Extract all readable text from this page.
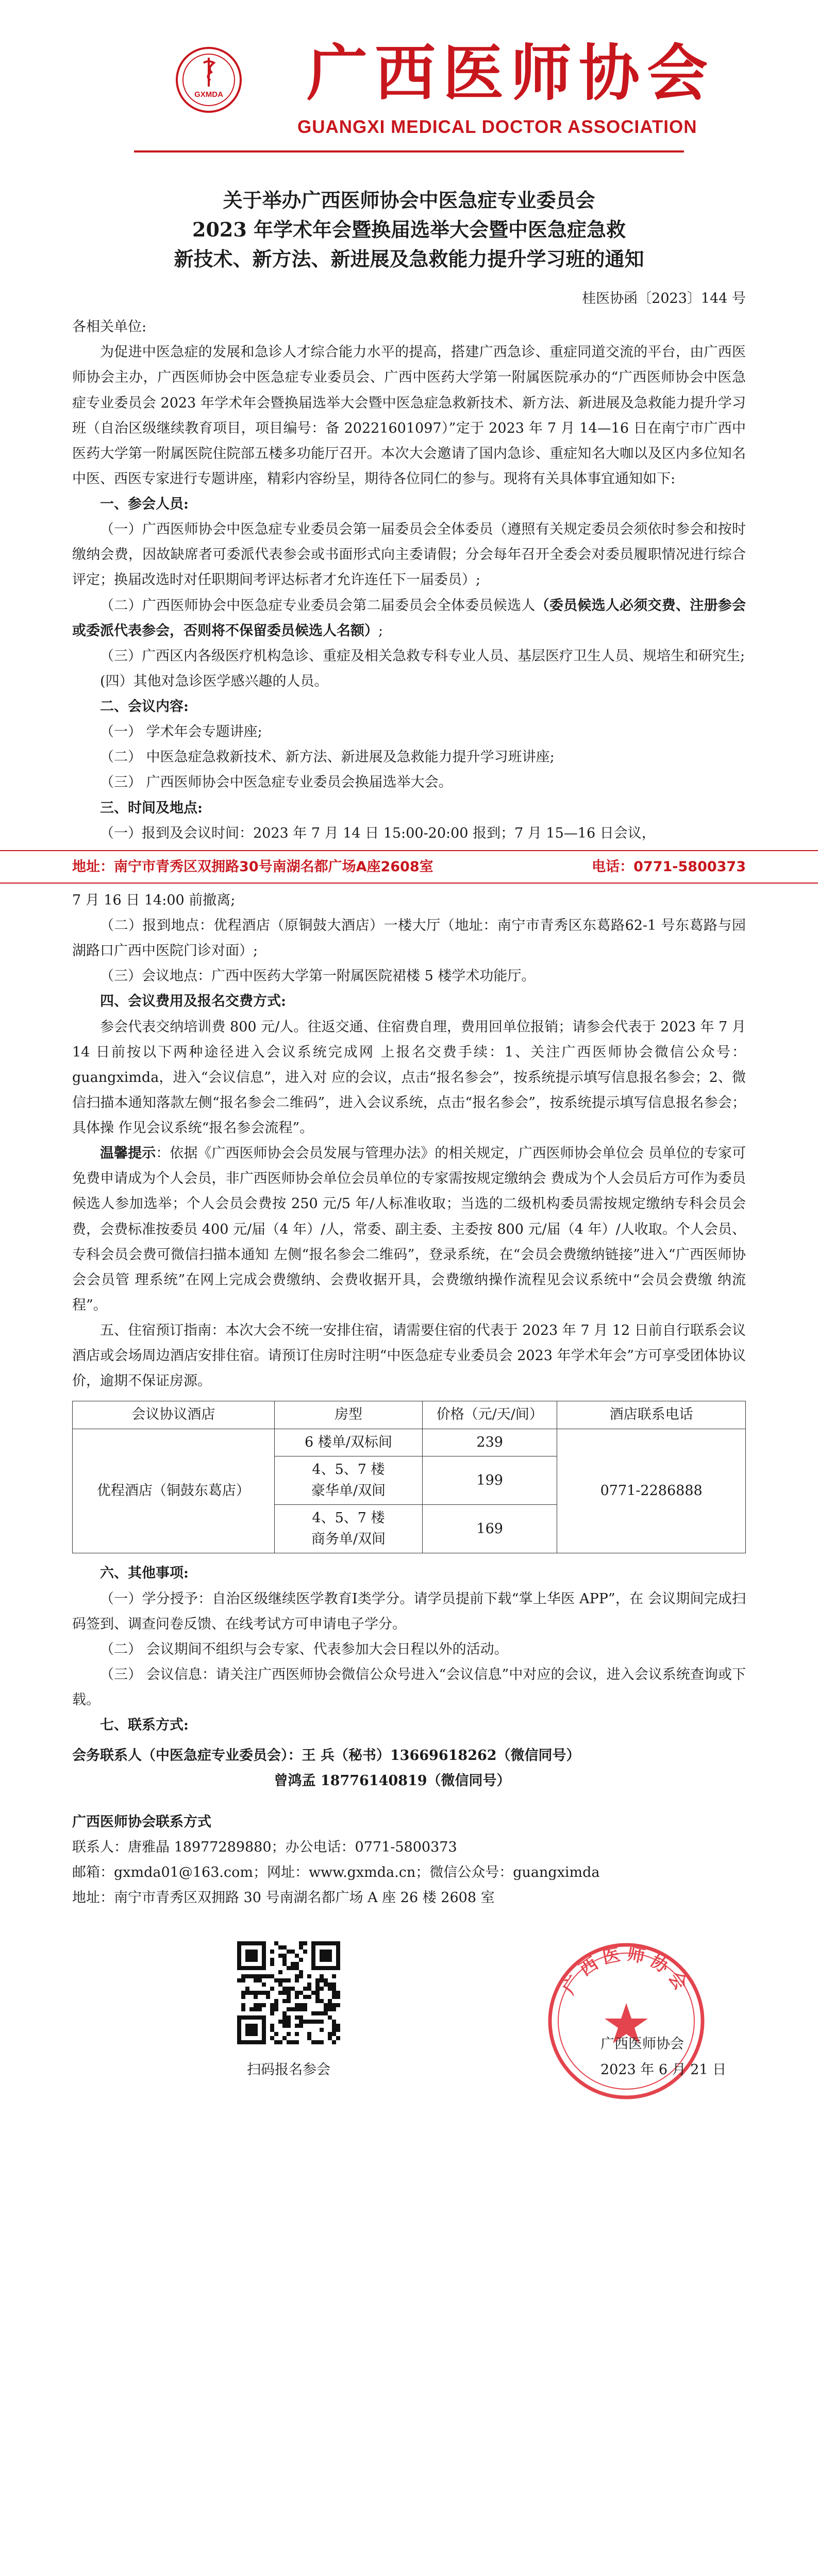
GXMDA 广西医师协会
GUANGXI MEDICAL DOCTOR ASSOCIATION
关于举办广西医师协会中医急症专业委员会
2023 年学术年会暨换届选举大会暨中医急症急救
新技术、新方法、新进展及急救能力提升学习班的通知
桂医协函〔2023〕144 号
各相关单位:

为促进中医急症的发展和急诊人才综合能力水平的提高，搭建广西急诊、重症同道交流的平台，由广西医师协会主办，广西医师协会中医急症专业委员会、广西中医药大学第一附属医院承办的“广西医师协会中医急症专业委员会 2023 年学术年会暨换届选举大会暨中医急症急救新技术、新方法、新进展及急救能力提升学习班（自治区级继续教育项目，项目编号：备 20221601097）”定于 2023 年 7 月 14—16 日在南宁市广西中医药大学第一附属医院住院部五楼多功能厅召开。本次大会邀请了国内急诊、重症知名大咖以及区内多位知名中医、西医专家进行专题讲座，精彩内容纷呈，期待各位同仁的参与。现将有关具体事宜通知如下:

一、参会人员:
（一）广西医师协会中医急症专业委员会第一届委员会全体委员（遵照有关规定委员会须依时参会和按时缴纳会费，因故缺席者可委派代表参会或书面形式向主委请假；分会每年召开全委会对委员履职情况进行综合评定；换届改选时对任职期间考评达标者才允许连任下一届委员）;
（二）广西医师协会中医急症专业委员会第二届委员会全体委员候选人（委员候选人必须交费、注册参会或委派代表参会，否则将不保留委员候选人名额）;
（三）广西区内各级医疗机构急诊、重症及相关急救专科专业人员、基层医疗卫生人员、规培生和研究生;
(四）其他对急诊医学感兴趣的人员。
二、会议内容:
（一） 学术年会专题讲座;
（二） 中医急症急救新技术、新方法、新进展及急救能力提升学习班讲座;
（三） 广西医师协会中医急症专业委员会换届选举大会。
三、时间及地点:
（一）报到及会议时间：2023 年 7 月 14 日 15:00-20:00 报到；7 月 15—16 日会议，
地址：南宁市青秀区双拥路30号南湖名都广场A座2608室	电话：0771-5800373
7 月 16 日 14:00 前撤离;
（二）报到地点：优程酒店（原铜鼓大酒店）一楼大厅（地址：南宁市青秀区东葛路62-1 号东葛路与园湖路口广西中医院门诊对面）;
（三）会议地点：广西中医药大学第一附属医院裙楼 5 楼学术功能厅。
四、会议费用及报名交费方式:

参会代表交纳培训费 800 元/人。往返交通、住宿费自理，费用回单位报销；请参会代表于 2023 年 7 月 14 日前按以下两种途径进入会议系统完成网 上报名交费手续：1、关注广西医师协会微信公众号：guangximda，进入“会议信息”，进入对 应的会议，点击“报名参会”，按系统提示填写信息报名参会；2、微信扫描本通知落款左侧“报名参会二维码”，进入会议系统，点击“报名参会”，按系统提示填写信息报名参会；具体操 作见会议系统“报名参会流程”。

温馨提示：依据《广西医师协会会员发展与管理办法》的相关规定，广西医师协会单位会 员单位的专家可免费申请成为个人会员，非广西医师协会单位会员单位的专家需按规定缴纳会 费成为个人会员后方可作为委员候选人参加选举；个人会员会费按 250 元/5 年/人标准收取；当选的二级机构委员需按规定缴纳专科会员会费，会费标准按委员 400 元/届（4 年）/人，常委、副主委、主委按 800 元/届（4 年）/人收取。个人会员、专科会员会费可微信扫描本通知 左侧“报名参会二维码”，登录系统，在“会员会费缴纳链接”进入“广西医师协会会员管 理系统”在网上完成会费缴纳、会费收据开具，会费缴纳操作流程见会议系统中“会员会费缴 纳流程”。

五、住宿预订指南：本次大会不统一安排住宿，请需要住宿的代表于 2023 年 7 月 12 日前自行联系会议酒店或会场周边酒店安排住宿。请预订住房时注明“中医急症专业委员会 2023 年学术年会”方可享受团体协议价，逾期不保证房源。

会议协议酒店	房型	价格（元/天/间）	酒店联系电话
优程酒店（铜鼓东葛店）	6 楼单/双标间	239	0771-2286888

	4、5、7 楼
豪华单/双间	199	

	4、5、7 楼
商务单/双间	169	
六、其他事项:
（一）学分授予：自治区级继续医学教育Ⅰ类学分。请学员提前下载“掌上华医 APP”，在 会议期间完成扫码签到、调查问卷反馈、在线考试方可申请电子学分。
（二） 会议期间不组织与会专家、代表参加大会日程以外的活动。
（三） 会议信息：请关注广西医师协会微信公众号进入“会议信息”中对应的会议，进入会议系统查询或下载。
七、联系方式:
会务联系人（中医急症专业委员会）：王 兵（秘书）13669618262（微信同号）
曾鸿孟 18776140819（微信同号）
广西医师协会联系方式
联系人：唐雅晶 18977289880；办公电话：0771-5800373
邮箱：gxmda01@163.com；网址：www.gxmda.cn；微信公众号：guangximda
地址：南宁市青秀区双拥路 30 号南湖名都广场 A 座 26 楼 2608 室
扫码报名参会
广西医师协会
广西医师协会
2023 年 6 月 21 日
